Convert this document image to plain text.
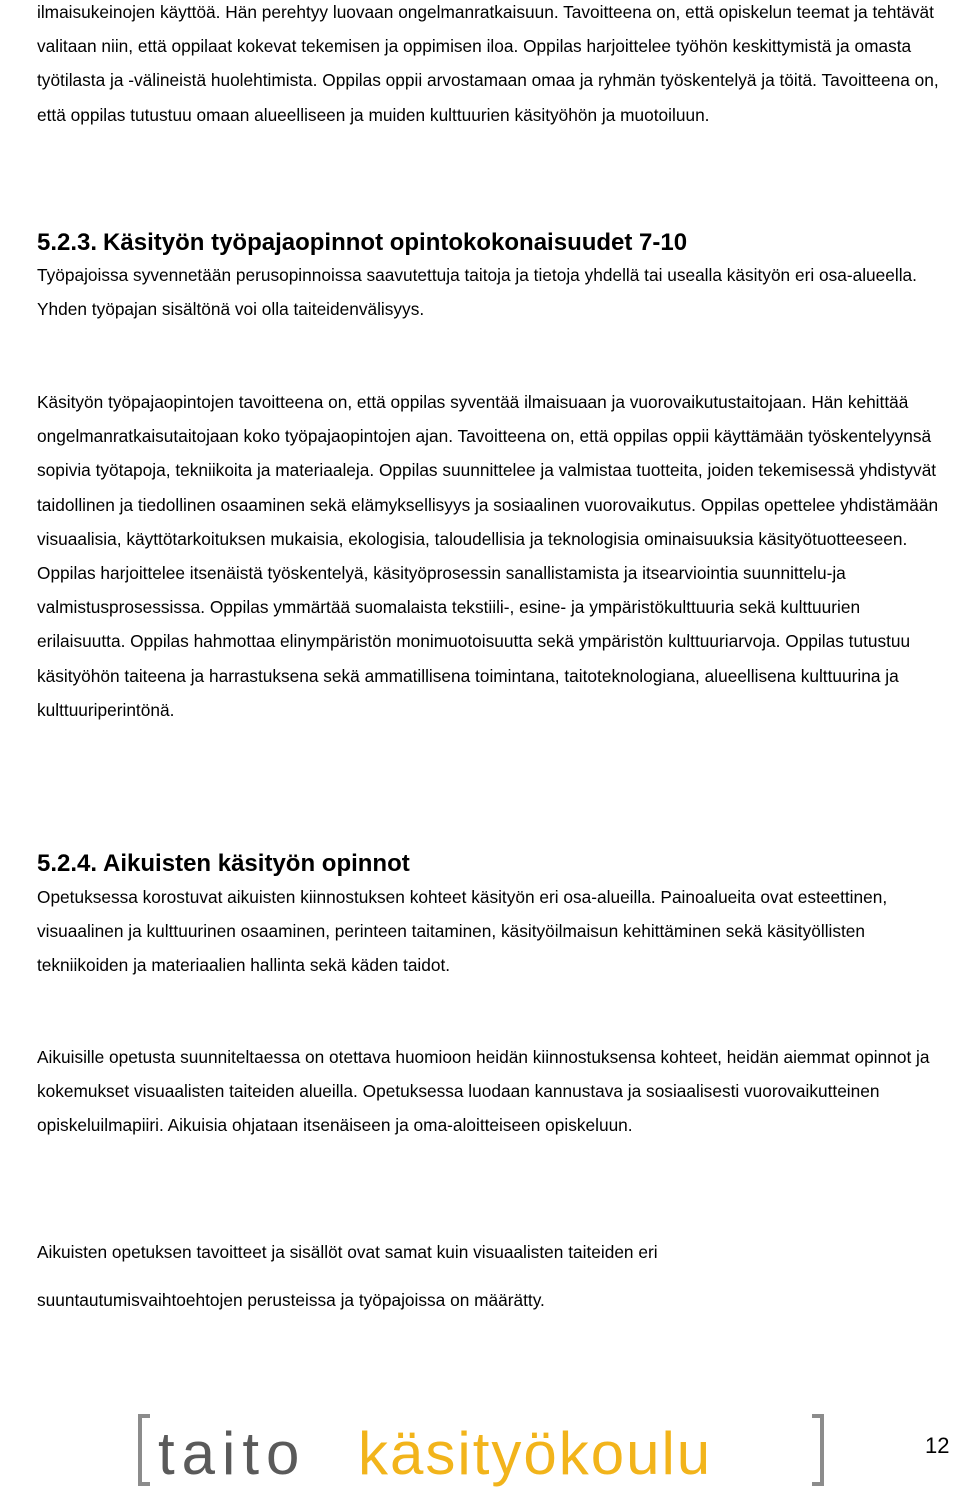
ilmaisukeinojen käyttöä. Hän perehtyy luovaan ongelmanratkaisuun. Tavoitteena on, että opiskelun teemat ja tehtävät valitaan niin, että oppilaat kokevat tekemisen ja oppimisen iloa. Oppilas harjoittelee työhön keskittymistä ja omasta työtilasta ja -välineistä huolehtimista. Oppilas oppii arvostamaan omaa ja ryhmän työskentelyä ja töitä. Tavoitteena on, että oppilas tutustuu omaan alueelliseen ja muiden kulttuurien käsityöhön ja muotoiluun.

5.2.3. Käsityön työpajaopinnot opintokokonaisuudet 7-10

Työpajoissa syvennetään perusopinnoissa saavutettuja taitoja ja tietoja yhdellä tai usealla käsityön eri osa-alueella. Yhden työpajan sisältönä voi olla taiteidenvälisyys.

Käsityön työpajaopintojen tavoitteena on, että oppilas syventää ilmaisuaan ja vuorovaikutustaitojaan. Hän kehittää ongelmanratkaisutaitojaan koko työpajaopintojen ajan. Tavoitteena on, että oppilas oppii käyttämään työskentelyynsä sopivia työtapoja, tekniikoita ja materiaaleja. Oppilas suunnittelee ja valmistaa tuotteita, joiden tekemisessä yhdistyvät taidollinen ja tiedollinen osaaminen sekä elämyksellisyys ja sosiaalinen vuorovaikutus. Oppilas opettelee yhdistämään visuaalisia, käyttötarkoituksen mukaisia, ekologisia, taloudellisia ja teknologisia ominaisuuksia käsityötuotteeseen. Oppilas harjoittelee itsenäistä työskentelyä, käsityöprosessin sanallistamista ja itsearviointia suunnittelu-ja valmistusprosessissa. Oppilas ymmärtää suomalaista tekstiili-, esine- ja ympäristökulttuuria sekä kulttuurien erilaisuutta. Oppilas hahmottaa elinympäristön monimuotoisuutta sekä ympäristön kulttuuriarvoja. Oppilas tutustuu käsityöhön taiteena ja harrastuksena sekä ammatillisena toimintana, taitoteknologiana, alueellisena kulttuurina ja kulttuuriperintönä.

5.2.4. Aikuisten käsityön opinnot

Opetuksessa korostuvat aikuisten kiinnostuksen kohteet käsityön eri osa-alueilla. Painoalueita ovat esteettinen, visuaalinen ja kulttuurinen osaaminen, perinteen taitaminen, käsityöilmaisun kehittäminen sekä käsityöllisten tekniikoiden ja materiaalien hallinta sekä käden taidot.

Aikuisille opetusta suunniteltaessa on otettava huomioon heidän kiinnostuksensa kohteet, heidän aiemmat opinnot ja kokemukset visuaalisten taiteiden alueilla. Opetuksessa luodaan kannustava ja sosiaalisesti vuorovaikutteinen opiskeluilmapiiri. Aikuisia ohjataan itsenäiseen ja oma-aloitteiseen opiskeluun.

Aikuisten opetuksen tavoitteet ja sisällöt ovat samat kuin visuaalisten taiteiden eri

suuntautumisvaihtoehtojen perusteissa ja työpajoissa on määrätty.

taito käsityökoulu	12
